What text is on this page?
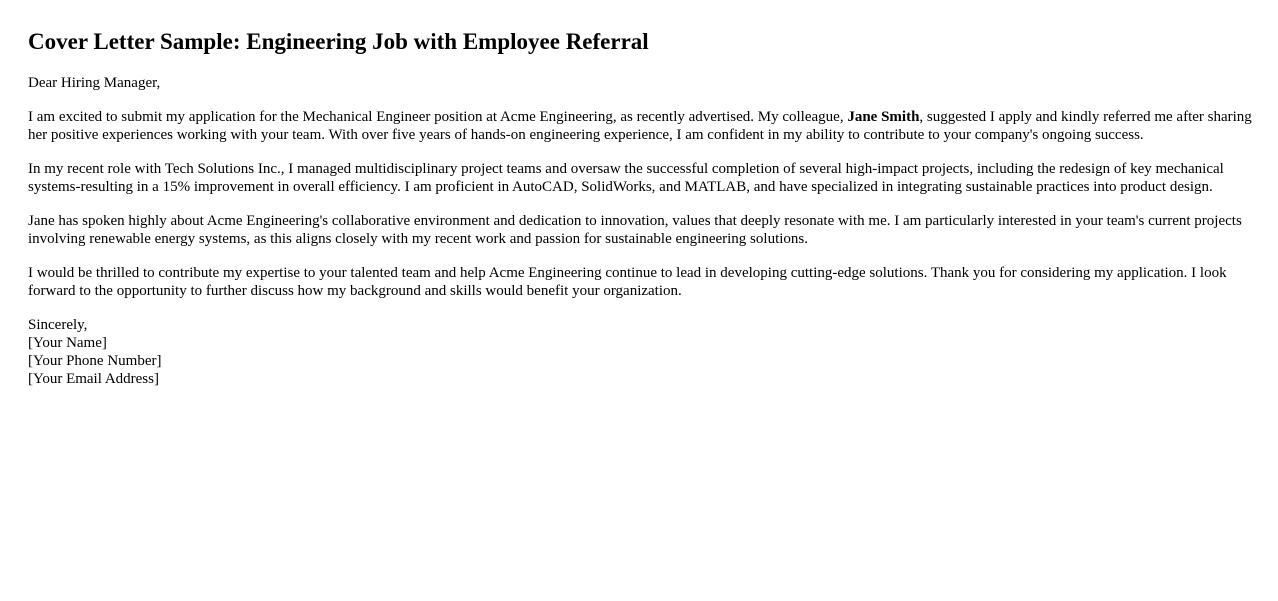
Cover Letter Sample: Engineering Job with Employee Referral

Dear Hiring Manager,

I am excited to submit my application for the Mechanical Engineer position at Acme Engineering, as recently advertised. My colleague, Jane Smith, suggested I apply and kindly referred me after sharing her positive experiences working with your team. With over five years of hands-on engineering experience, I am confident in my ability to contribute to your company's ongoing success.

In my recent role with Tech Solutions Inc., I managed multidisciplinary project teams and oversaw the successful completion of several high-impact projects, including the redesign of key mechanical systems-resulting in a 15% improvement in overall efficiency. I am proficient in AutoCAD, SolidWorks, and MATLAB, and have specialized in integrating sustainable practices into product design.

Jane has spoken highly about Acme Engineering's collaborative environment and dedication to innovation, values that deeply resonate with me. I am particularly interested in your team's current projects involving renewable energy systems, as this aligns closely with my recent work and passion for sustainable engineering solutions.

I would be thrilled to contribute my expertise to your talented team and help Acme Engineering continue to lead in developing cutting-edge solutions. Thank you for considering my application. I look forward to the opportunity to further discuss how my background and skills would benefit your organization.

Sincerely,
[Your Name]
[Your Phone Number]
[Your Email Address]
